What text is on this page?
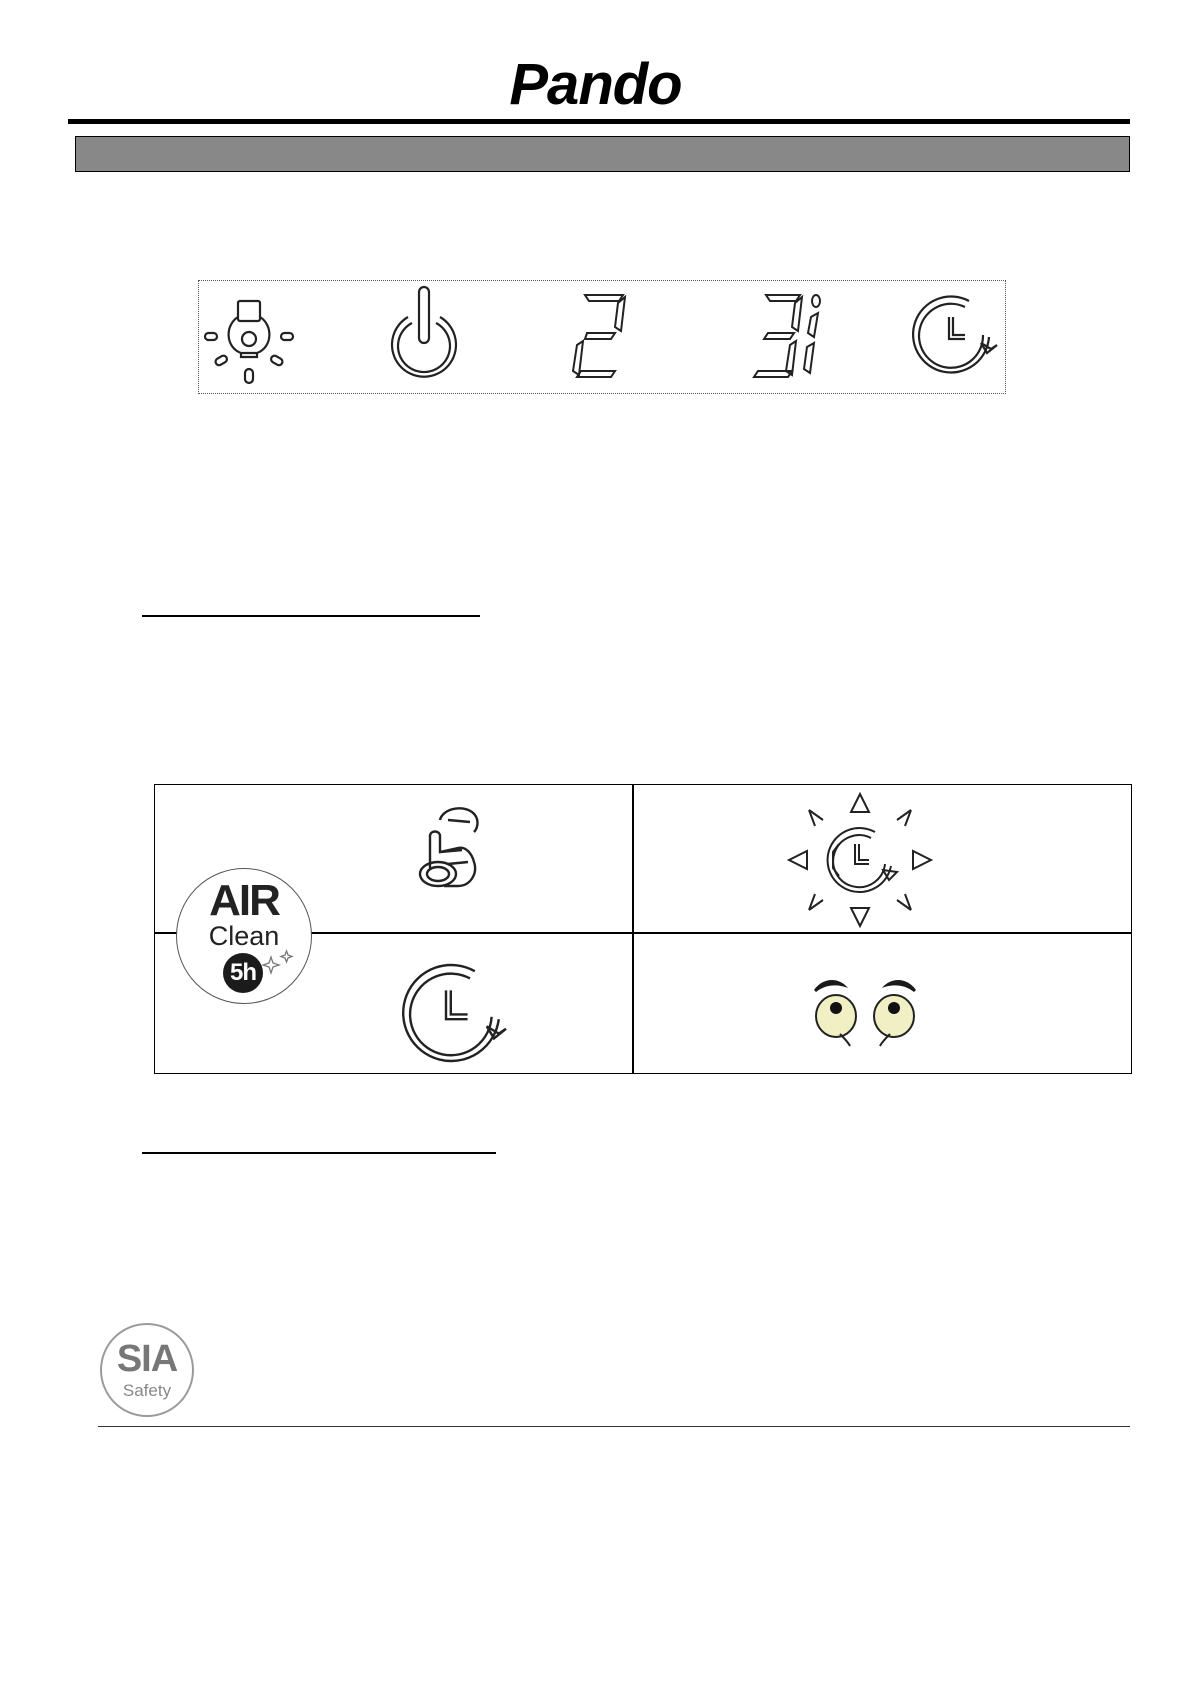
Pando
AIR
Clean
5h
SIA
Safety
